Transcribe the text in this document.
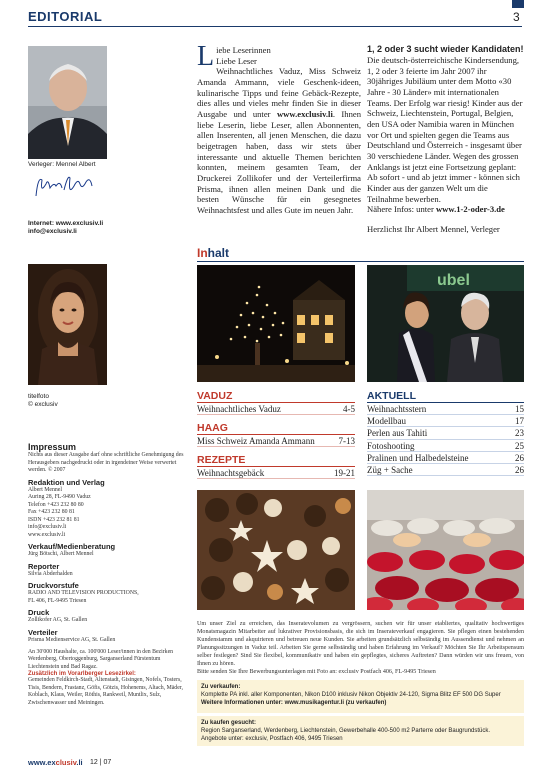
EDITORIAL	3
Verleger: Mennel Albert
Internet: www.exclusiv.li
info@exclusiv.li
titelfoto
© exclusiv
L iebe Leserinnen
Liebe Leser
Weihnachtliches Vaduz, Miss Schweiz Amanda Ammann, viele Geschenk-ideen, kulinarische Tipps und feine Gebäck-Rezepte, dies alles und vieles mehr finden Sie in dieser Ausgabe und unter www.exclusiv.li. Ihnen liebe Leserin, liebe Leser, allen Abonnenten, allen Inserenten, all jenen Menschen, die dazu beigetragen haben, dass wir stets über interessante und aktuelle Themen berichten konnten, meinem gesamten Team, der Druckerei Zollikofer und der Verteilerfirma Prisma, ihnen allen meinen Dank und die besten Wünsche für ein gesegnetes Weihnachtsfest und alles Gute im neuen Jahr.
1, 2 oder 3 sucht wieder Kandidaten!
Die deutsch-österreichische Kindersendung, 1, 2 oder 3 feierte im Jahr 2007 ihr 30jähriges Jubiläum unter dem Motto «30 Jahre - 30 Länder» mit internationalen Teams. Der Erfolg war riesig! Kinder aus der Schweiz, Liechtenstein, Portugal, Belgien, den USA oder Namibia waren in München vor Ort und spielten gegen die Teams aus Deutschland und Österreich - insgesamt über 30 verschiedene Länder. Wegen des grossen Anklangs ist jetzt eine Fortsetzung geplant: Ab sofort - und ab jetzt immer - können sich Kinder aus der ganzen Welt um die Teilnahme bewerben.
Nähere Infos: unter www.1-2-oder-3.de
Herzlichst Ihr Albert Mennel, Verleger
Inhalt
ubel
VADUZ
Weihnachtliches Vaduz	4-5
HAAG
Miss Schweiz Amanda Ammann	7-13
REZEPTE
Weihnachtsgebäck	19-21
AKTUELL
Weihnachtsstern	15
Modellbau	17
Perlen aus Tahiti	23
Fotoshooting	25
Pralinen und Halbedelsteine	26
Züg + Sache	26
Impressum
Nichts aus dieser Ausgabe darf ohne schriftliche Genehmigung des Herausgebers nachgedruckt oder in irgendeiner Weise verwertet werden. © 2007
Redaktion und Verlag
Albert Mennel
Auring 28, FL-9490 Vaduz
Telefon +423 232 80 80
Fax +423 232 80 81
ISDN +423 232 81 81
info@exclusiv.li
www.exclusiv.li
Verkauf/Medienberatung
Jürg Bötschi, Albert Mennel
Reporter
Silvia Abderhalden
Druckvorstufe
RADIO AND TELEVISION PRODUCTIONS,
FL 406, FL-9495 Triesen
Druck
Zollikofer AG, St. Gallen
Verteiler
Prisma Medienservice AG, St. Gallen
An 30'000 Haushalte, ca. 100'000 Leser/innen in den Bezirken Werdenberg, Obertoggenburg, Sarganserland Fürstentum Liechtenstein und Bad Ragaz.
Zusätzlich im Vorarlberger Lesezirkel:
Gemeinden Feldkirch-Stadt, Altenstadt, Gisingen, Nofels, Tosters, Tisis, Bendern, Frastanz, Göfis, Götzis, Hohenems, Altach, Mäder, Koblach, Klaus, Weiler, Röthis, Rankweil, Muntlix, Sulz, Zwischenwasser und Meiningen.
Um unser Ziel zu erreichen, das Inseratevolumen zu vergrössern, suchen wir für unser etabliertes, qualitativ hochwertiges Monatsmagazin Mitarbeiter auf lukrativer Provisionsbasis, die sich im Inserateverkauf engagieren. Sie pflegen einen bestehenden Kundenstamm und akquirieren und betreuen neue Kunden. Sie arbeiten grundsätzlich selbständig im Aussendienst und nehmen an Planungssitzungen in Vaduz teil. Arbeiten Sie gerne selbständig und haben Erfahrung im Verkauf? Möchten Sie Ihr Arbeitspensum selber festlegen? Sind Sie flexibel, kommunikativ und haben ein gepflegtes, sicheres Auftreten? Dann würden wir uns freuen, von Ihnen zu hören.
Bitte senden Sie Ihre Bewerbungsunterlagen mit Foto an: exclusiv Postfach 406, FL-9495 Triesen
Zu verkaufen:
Komplette PA inkl. aller Komponenten, Nikon D100 inklusiv Nikon Objektiv 24-120, Sigma Blitz EF 500 DG Super
Weitere Informationen unter: www.musikagentur.li (zu verkaufen)
Zu kaufen gesucht:
Region Sarganserland, Werdenberg, Liechtenstein, Gewerbehalle 400-500 m2 Parterre oder Baugrundstück.
Angebote unter: exclusiv, Postfach 406, 9495 Triesen
www.exclusiv.li 12 | 07
